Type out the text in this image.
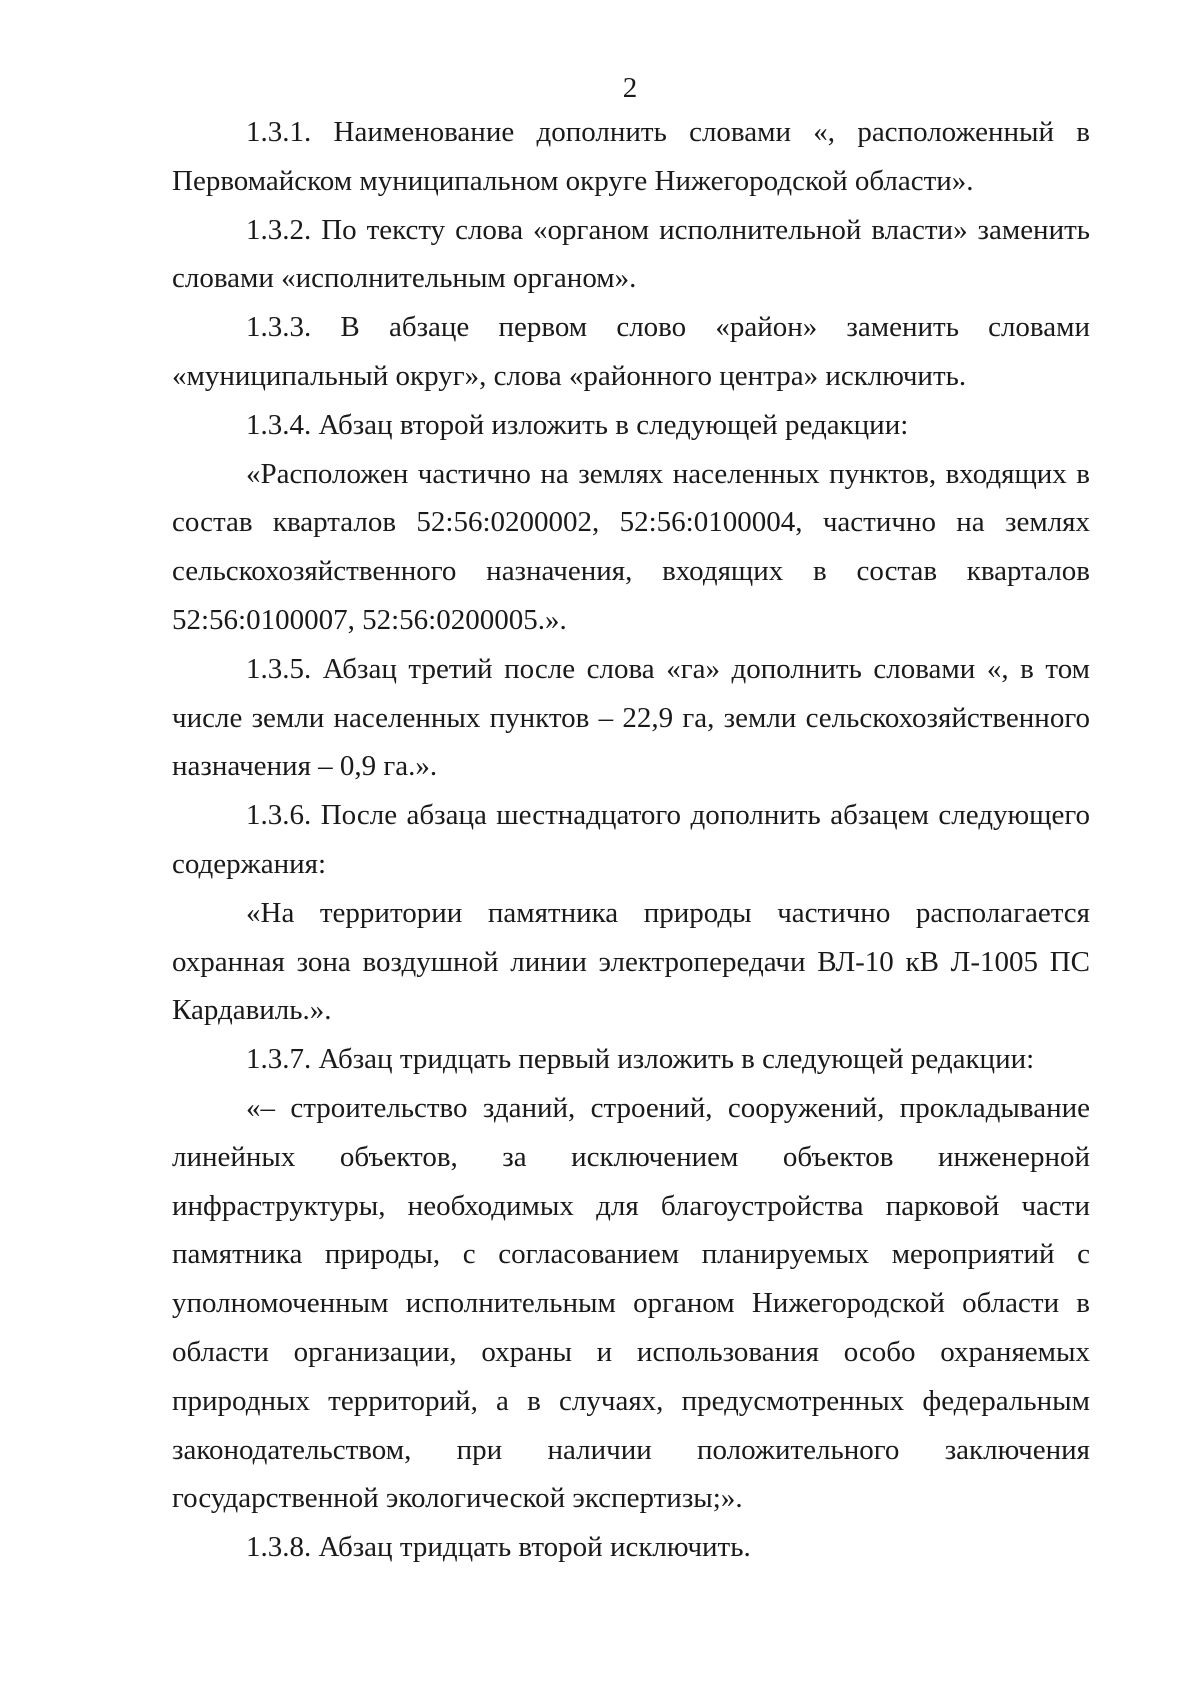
2

1.3.1. Наименование дополнить словами «, расположенный в Первомайском муниципальном округе Нижегородской области».

1.3.2. По тексту слова «органом исполнительной власти» заменить словами «исполнительным органом».

1.3.3. В абзаце первом слово «район» заменить словами «муниципальный округ», слова «районного центра» исключить.

1.3.4. Абзац второй изложить в следующей редакции:

«Расположен частично на землях населенных пунктов, входящих в состав кварталов 52:56:0200002, 52:56:0100004, частично на землях сельскохозяйственного назначения, входящих в состав кварталов 52:56:0100007, 52:56:0200005.».

1.3.5. Абзац третий после слова «га» дополнить словами «, в том числе земли населенных пунктов – 22,9 га, земли сельскохозяйственного назначения – 0,9 га.».

1.3.6. После абзаца шестнадцатого дополнить абзацем следующего содержания:

«На территории памятника природы частично располагается охранная зона воздушной линии электропередачи ВЛ-10 кВ Л-1005 ПС Кардавиль.».

1.3.7. Абзац тридцать первый изложить в следующей редакции:

«– строительство зданий, строений, сооружений, прокладывание линейных объектов, за исключением объектов инженерной инфраструктуры, необходимых для благоустройства парковой части памятника природы, с согласованием планируемых мероприятий с уполномоченным исполнительным органом Нижегородской области в области организации, охраны и использования особо охраняемых природных территорий, а в случаях, предусмотренных федеральным законодательством, при наличии положительного заключения государственной экологической экспертизы;».

1.3.8. Абзац тридцать второй исключить.
